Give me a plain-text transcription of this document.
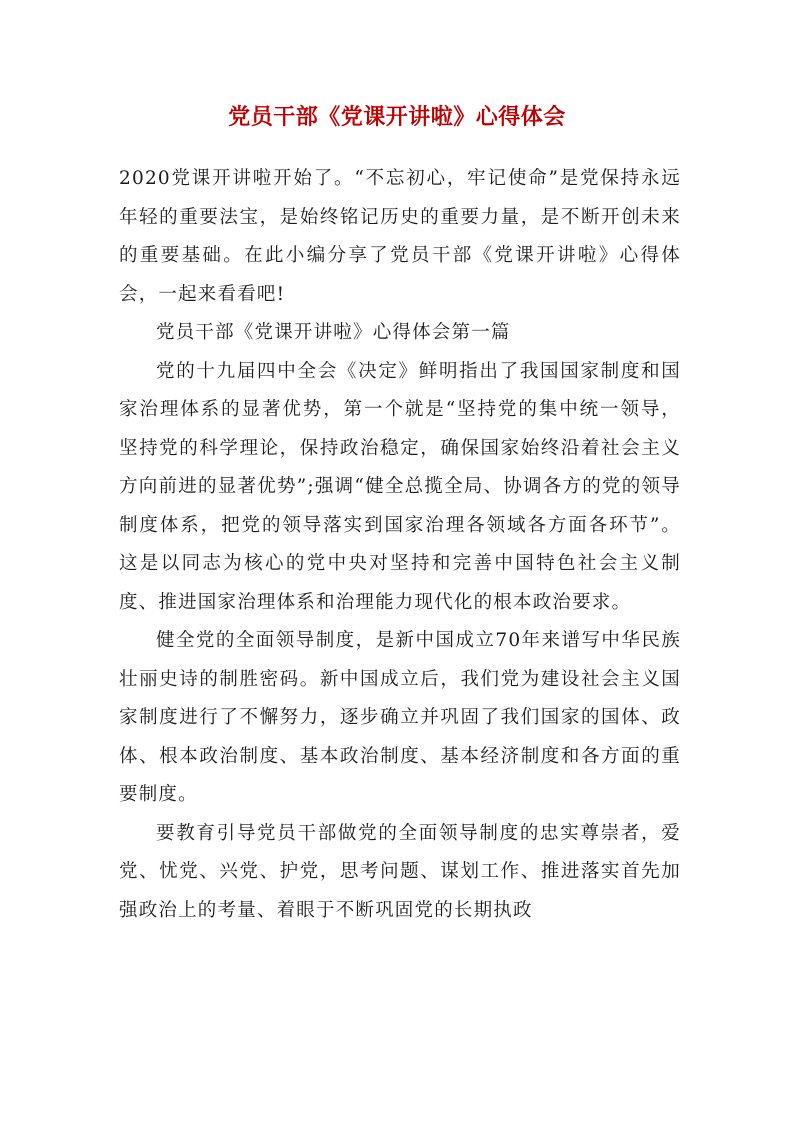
党员干部《党课开讲啦》心得体会

2020党课开讲啦开始了。“不忘初心，牢记使命”是党保持永远年轻的重要法宝，是始终铭记历史的重要力量，是不断开创未来的重要基础。在此小编分享了党员干部《党课开讲啦》心得体会，一起来看看吧!

党员干部《党课开讲啦》心得体会第一篇

党的十九届四中全会《决定》鲜明指出了我国国家制度和国家治理体系的显著优势，第一个就是“坚持党的集中统一领导，坚持党的科学理论，保持政治稳定，确保国家始终沿着社会主义方向前进的显著优势”;强调“健全总揽全局、协调各方的党的领导制度体系，把党的领导落实到国家治理各领域各方面各环节”。这是以同志为核心的党中央对坚持和完善中国特色社会主义制度、推进国家治理体系和治理能力现代化的根本政治要求。

健全党的全面领导制度，是新中国成立70年来谱写中华民族壮丽史诗的制胜密码。新中国成立后，我们党为建设社会主义国家制度进行了不懈努力，逐步确立并巩固了我们国家的国体、政体、根本政治制度、基本政治制度、基本经济制度和各方面的重要制度。

要教育引导党员干部做党的全面领导制度的忠实尊崇者，爱党、忧党、兴党、护党，思考问题、谋划工作、推进落实首先加强政治上的考量、着眼于不断巩固党的长期执政
